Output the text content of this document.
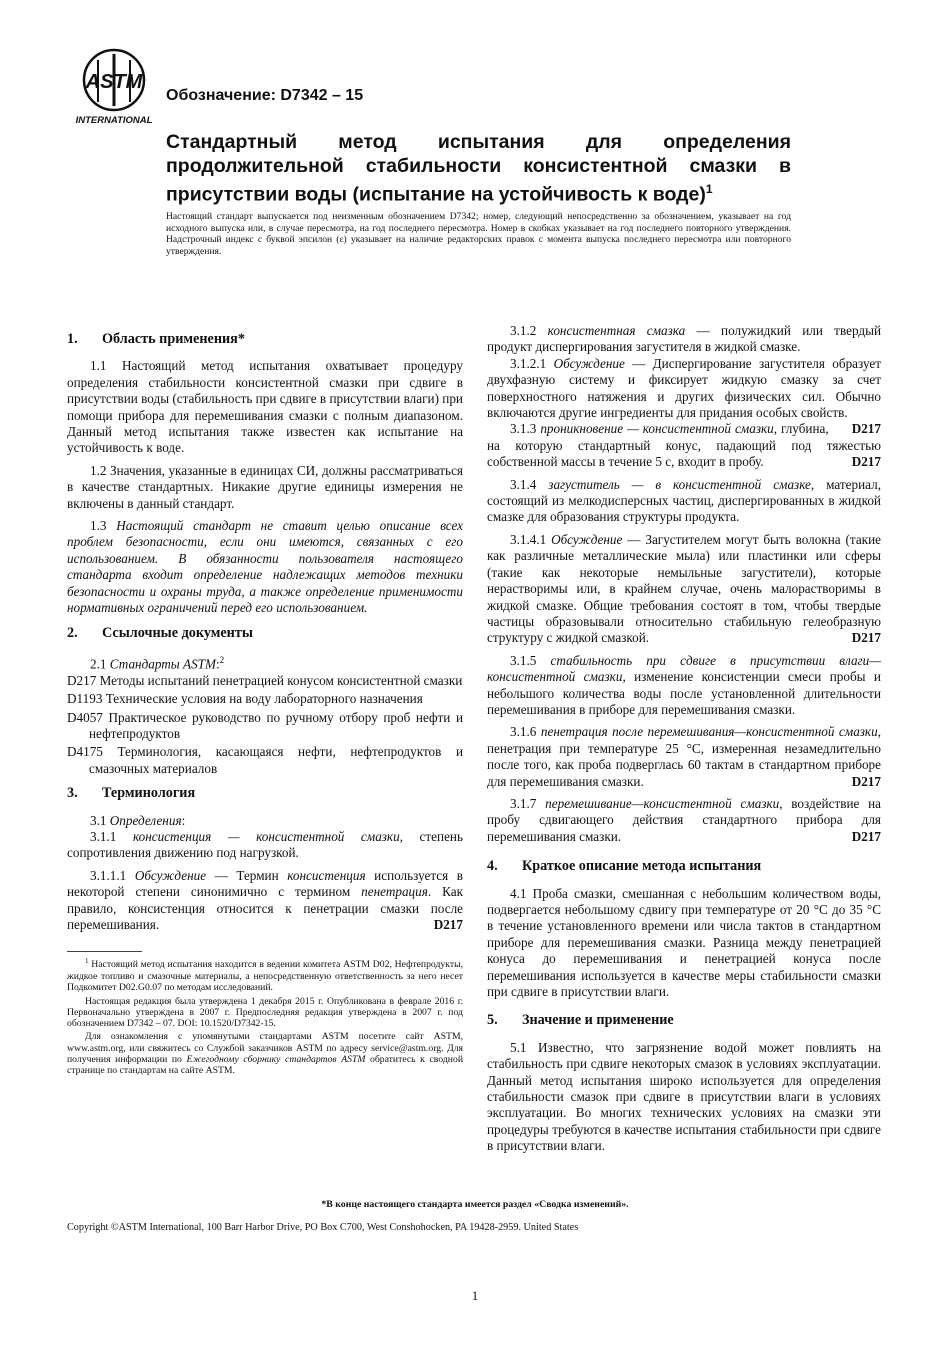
ASTM
INTERNATIONAL
Обозначение: D7342 – 15
Стандартный метод испытания для определения продолжительной стабильности консистентной смазки в присутствии воды (испытание на устойчивость к воде)$^1$
Настоящий стандарт выпускается под неизменным обозначением D7342; номер, следующий непосредственно за обозначением, указывает на год исходного выпуска или, в случае пересмотра, на год последнего пересмотра. Номер в скобках указывает на год последнего повторного утверждения. Надстрочный индекс с буквой эпсилон (ε) указывает на наличие редакторских правок с момента выпуска последнего пересмотра или повторного утверждения.
1. Область применения*

1.1 Настоящий метод испытания охватывает процедуру определения стабильности консистентной смазки при сдвиге в присутствии воды (стабильность при сдвиге в присутствии влаги) при помощи прибора для перемешивания смазки с полным диапазоном. Данный метод испытания также известен как испытание на устойчивость к воде.

1.2 Значения, указанные в единицах СИ, должны рассматриваться в качестве стандартных. Никакие другие единицы измерения не включены в данный стандарт.

1.3 Настоящий стандарт не ставит целью описание всех проблем безопасности, если они имеются, связанных с его использованием. В обязанности пользователя настоящего стандарта входит определение надлежащих методов техники безопасности и охраны труда, а также определение применимости нормативных ограничений перед его использованием.

2. Ссылочные документы

2.1 Стандарты ASTM:$^2$

D217 Методы испытаний пенетрацией конусом консистентной смазки

D1193 Технические условия на воду лабораторного назначения

D4057 Практическое руководство по ручному отбору проб нефти и нефтепродуктов

D4175 Терминология, касающаяся нефти, нефтепродуктов и смазочных материалов

3. Терминология

3.1 Определения:

3.1.1 консистенция — консистентной смазки, степень сопротивления движению под нагрузкой.

3.1.1.1 Обсуждение — Термин консистенция используется в некоторой степени синонимично с термином пенетрация. Как правило, консистенция относится к пенетрации смазки после перемешивания.	D217

$^1$ Настоящий метод испытания находится в ведении комитета ASTM D02, Нефтепродукты, жидкое топливо и смазочные материалы, а непосредственную ответственность за него несет Подкомитет D02.G0.07 по методам исследований.

Настоящая редакция была утверждена 1 декабря 2015 г. Опубликована в феврале 2016 г. Первоначально утверждена в 2007 г. Предпоследняя редакция утверждена в 2007 г. под обозначением D7342 – 07. DOI: 10.1520/D7342-15.

Для ознакомления с упомянутыми стандартами ASTM посетите сайт ASTM, www.astm.org, или свяжитесь со Службой заказчиков ASTM по адресу service@astm.org. Для получения информации по Ежегодному сборнику стандартов ASTM обратитесь к сводной странице по стандартам на сайте ASTM.

3.1.2 консистентная смазка — полужидкий или твердый продукт диспергирования загустителя в жидкой смазке.

3.1.2.1 Обсуждение — Диспергирование загустителя образует двухфазную систему и фиксирует жидкую смазку за счет поверхностного натяжения и других физических сил. Обычно включаются другие ингредиенты для придания особых свойств.
D217

3.1.3 проникновение — консистентной смазки, глубина, на которую стандартный конус, падающий под тяжестью собственной массы в течение 5 с, входит в пробу.	D217

3.1.4 загуститель — в консистентной смазке, материал, состоящий из мелкодисперсных частиц, диспергированных в жидкой смазке для образования структуры продукта.

3.1.4.1 Обсуждение — Загустителем могут быть волокна (такие как различные металлические мыла) или пластинки или сферы (такие как некоторые немыльные загустители), которые нерастворимы или, в крайнем случае, очень малорастворимы в жидкой смазке. Общие требования состоят в том, чтобы твердые частицы образовывали относительно стабильную гелеобразную структуру с жидкой смазкой.	D217

3.1.5 стабильность при сдвиге в присутствии влаги—консистентной смазки, изменение консистенции смеси пробы и небольшого количества воды после установленной длительности перемешивания в приборе для перемешивания смазки.

3.1.6 пенетрация после перемешивания—консистентной смазки, пенетрация при температуре 25 °C, измеренная незамедлительно после того, как проба подверглась 60 тактам в стандартном приборе для перемешивания смазки.	D217

3.1.7 перемешивание—консистентной смазки, воздействие на пробу сдвигающего действия стандартного прибора для перемешивания смазки.	D217

4. Краткое описание метода испытания

4.1 Проба смазки, смешанная с небольшим количеством воды, подвергается небольшому сдвигу при температуре от 20 °C до 35 °C в течение установленного времени или числа тактов в стандартном приборе для перемешивания смазки. Разница между пенетрацией конуса до перемешивания и пенетрацией конуса после перемешивания используется в качестве меры стабильности смазки при сдвиге в присутствии влаги.

5. Значение и применение

5.1 Известно, что загрязнение водой может повлиять на стабильность при сдвиге некоторых смазок в условиях эксплуатации. Данный метод испытания широко используется для определения стабильности смазок при сдвиге в присутствии влаги в условиях эксплуатации. Во многих технических условиях на смазки эти процедуры требуются в качестве испытания стабильности при сдвиге в присутствии влаги.

*В конце настоящего стандарта имеется раздел «Сводка изменений».
Copyright ©ASTM International, 100 Barr Harbor Drive, PO Box C700, West Conshohocken, PA 19428-2959. United States
1
